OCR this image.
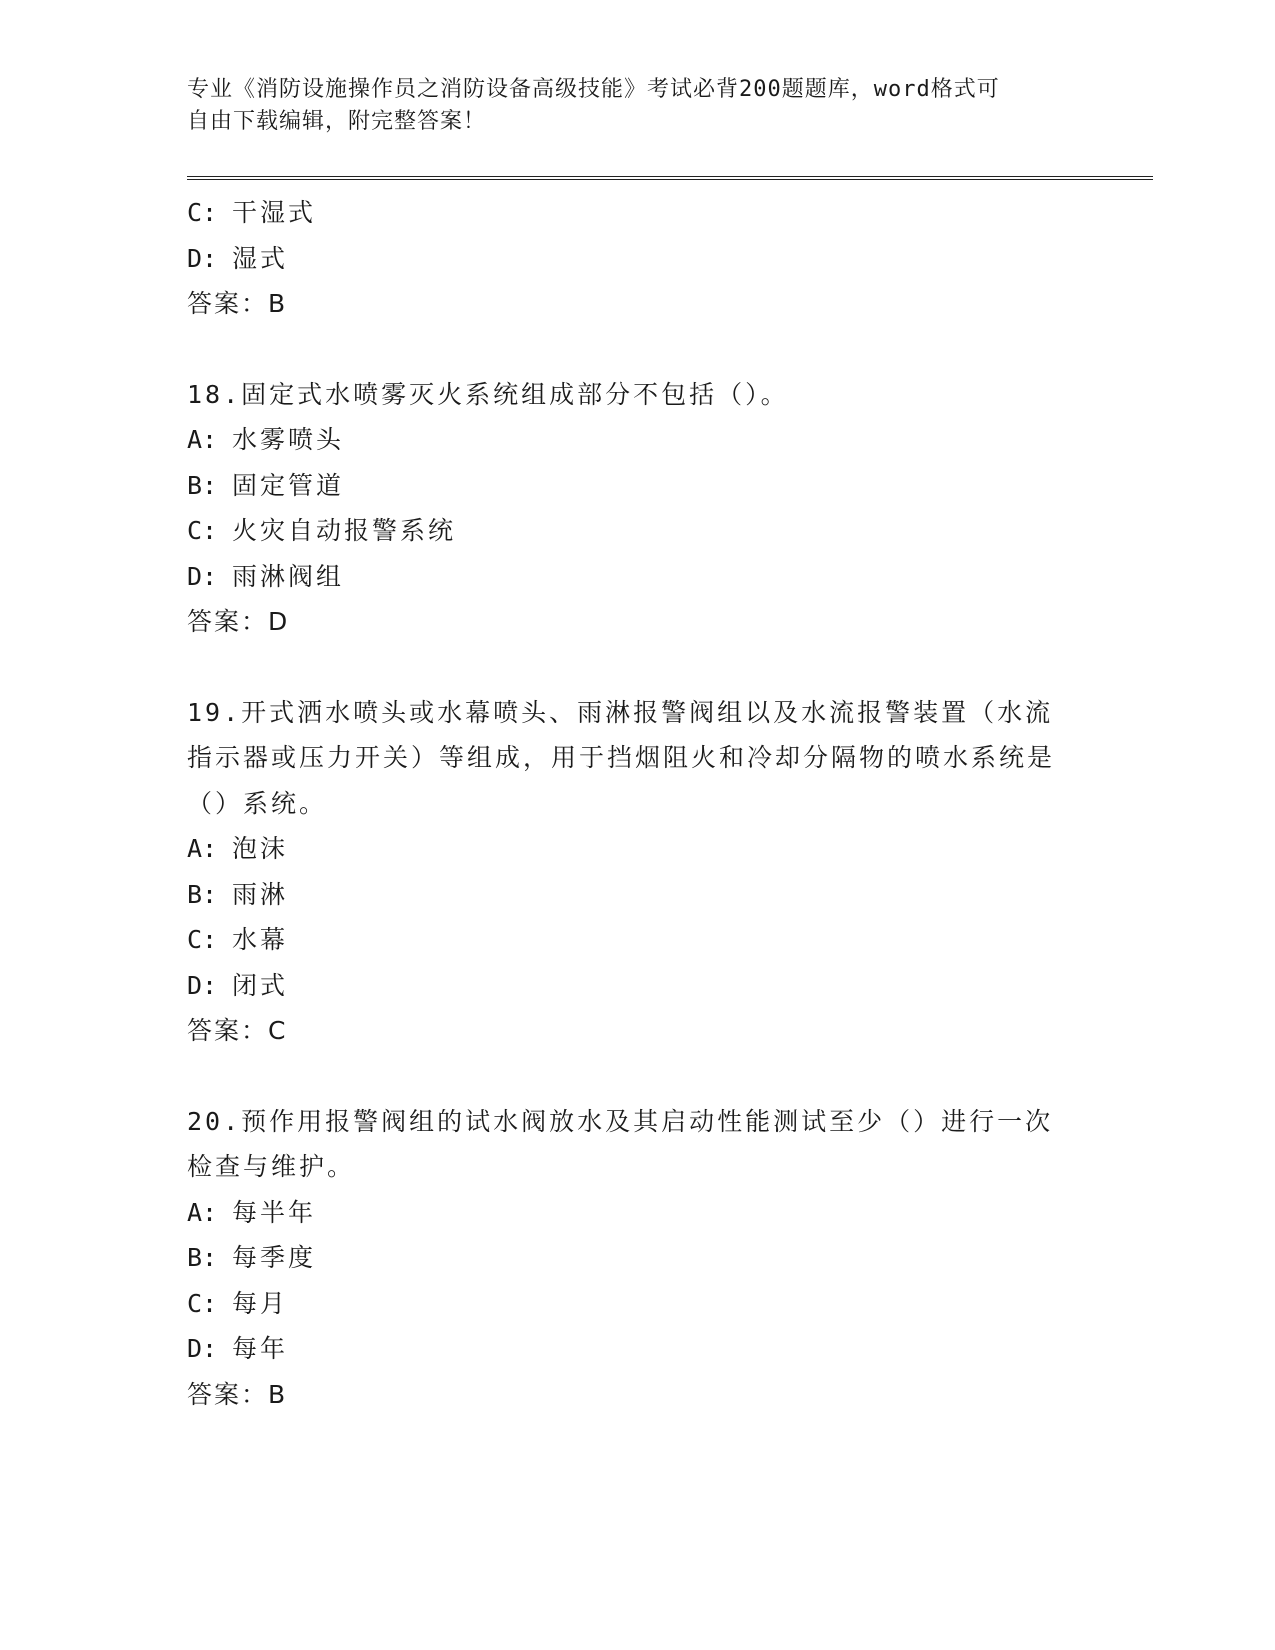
专业《消防设施操作员之消防设备高级技能》考试必背200题题库，word格式可
自由下载编辑，附完整答案！
C: 干湿式
D: 湿式
答案：B
18.固定式水喷雾灭火系统组成部分不包括（）。
A: 水雾喷头
B: 固定管道
C: 火灾自动报警系统
D: 雨淋阀组
答案：D
19.开式洒水喷头或水幕喷头、雨淋报警阀组以及水流报警装置（水流指示器或压力开关）等组成，用于挡烟阻火和冷却分隔物的喷水系统是（）系统。
A: 泡沫
B: 雨淋
C: 水幕
D: 闭式
答案：C
20.预作用报警阀组的试水阀放水及其启动性能测试至少（）进行一次检查与维护。
A: 每半年
B: 每季度
C: 每月
D: 每年
答案：B
